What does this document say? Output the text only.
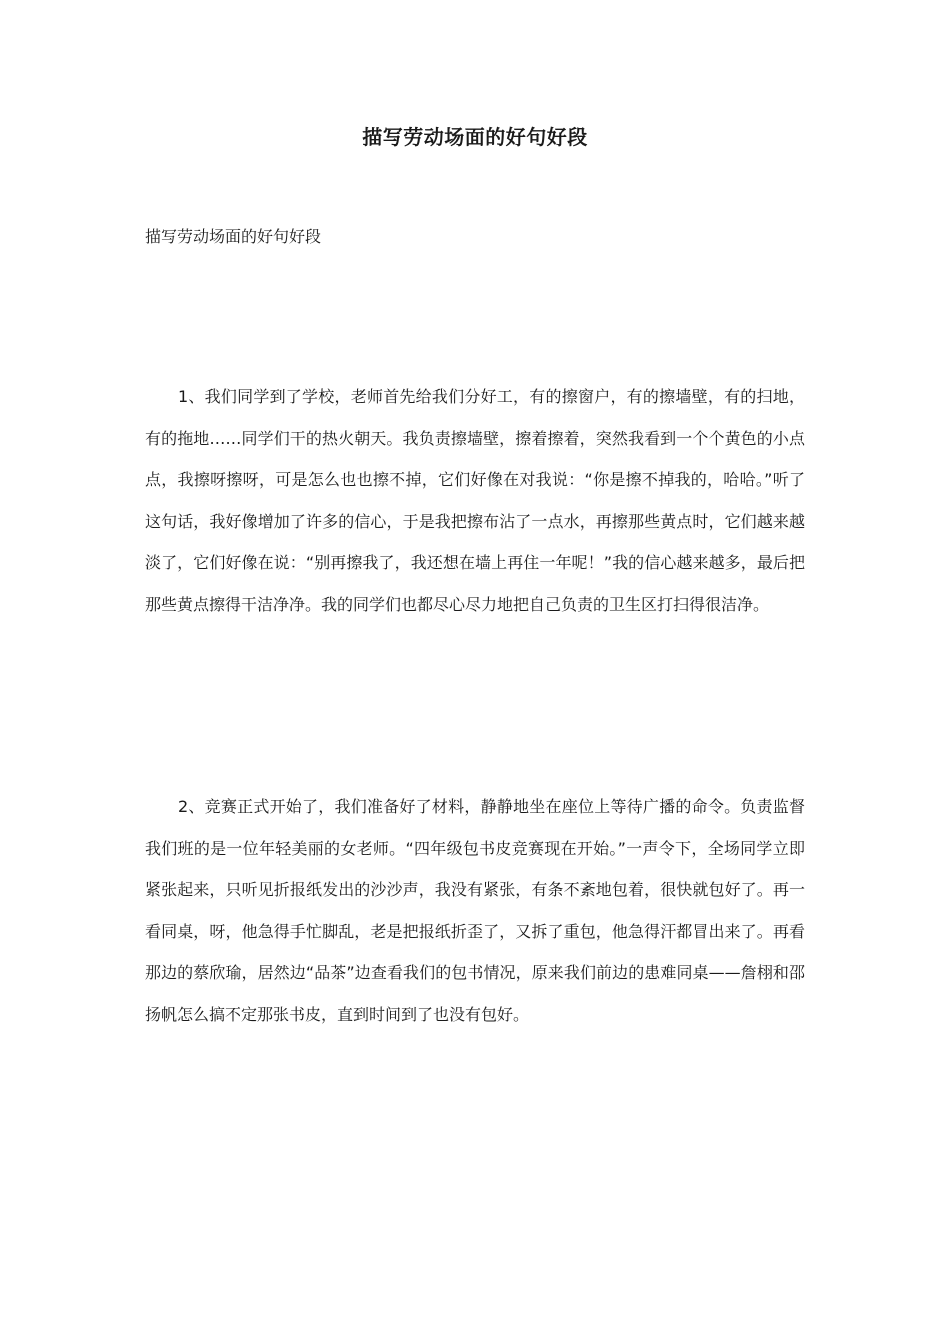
描写劳动场面的好句好段
描写劳动场面的好句好段

1、我们同学到了学校，老师首先给我们分好工，有的擦窗户，有的擦墙壁，有的扫地，有的拖地……同学们干的热火朝天。我负责擦墙壁，擦着擦着，突然我看到一个个黄色的小点点，我擦呀擦呀，可是怎么也也擦不掉，它们好像在对我说：“你是擦不掉我的，哈哈。”听了这句话，我好像增加了许多的信心，于是我把擦布沾了一点水，再擦那些黄点时，它们越来越淡了，它们好像在说：“别再擦我了，我还想在墙上再住一年呢！”我的信心越来越多，最后把那些黄点擦得干洁净净。我的同学们也都尽心尽力地把自己负责的卫生区打扫得很洁净。

2、竞赛正式开始了，我们准备好了材料，静静地坐在座位上等待广播的命令。负责监督我们班的是一位年轻美丽的女老师。“四年级包书皮竞赛现在开始。”一声令下，全场同学立即紧张起来，只听见折报纸发出的沙沙声，我没有紧张，有条不紊地包着，很快就包好了。再一看同桌，呀，他急得手忙脚乱，老是把报纸折歪了，又拆了重包，他急得汗都冒出来了。再看那边的蔡欣瑜，居然边“品茶”边查看我们的包书情况，原来我们前边的患难同桌——詹栩和邵扬帆怎么搞不定那张书皮，直到时间到了也没有包好。
